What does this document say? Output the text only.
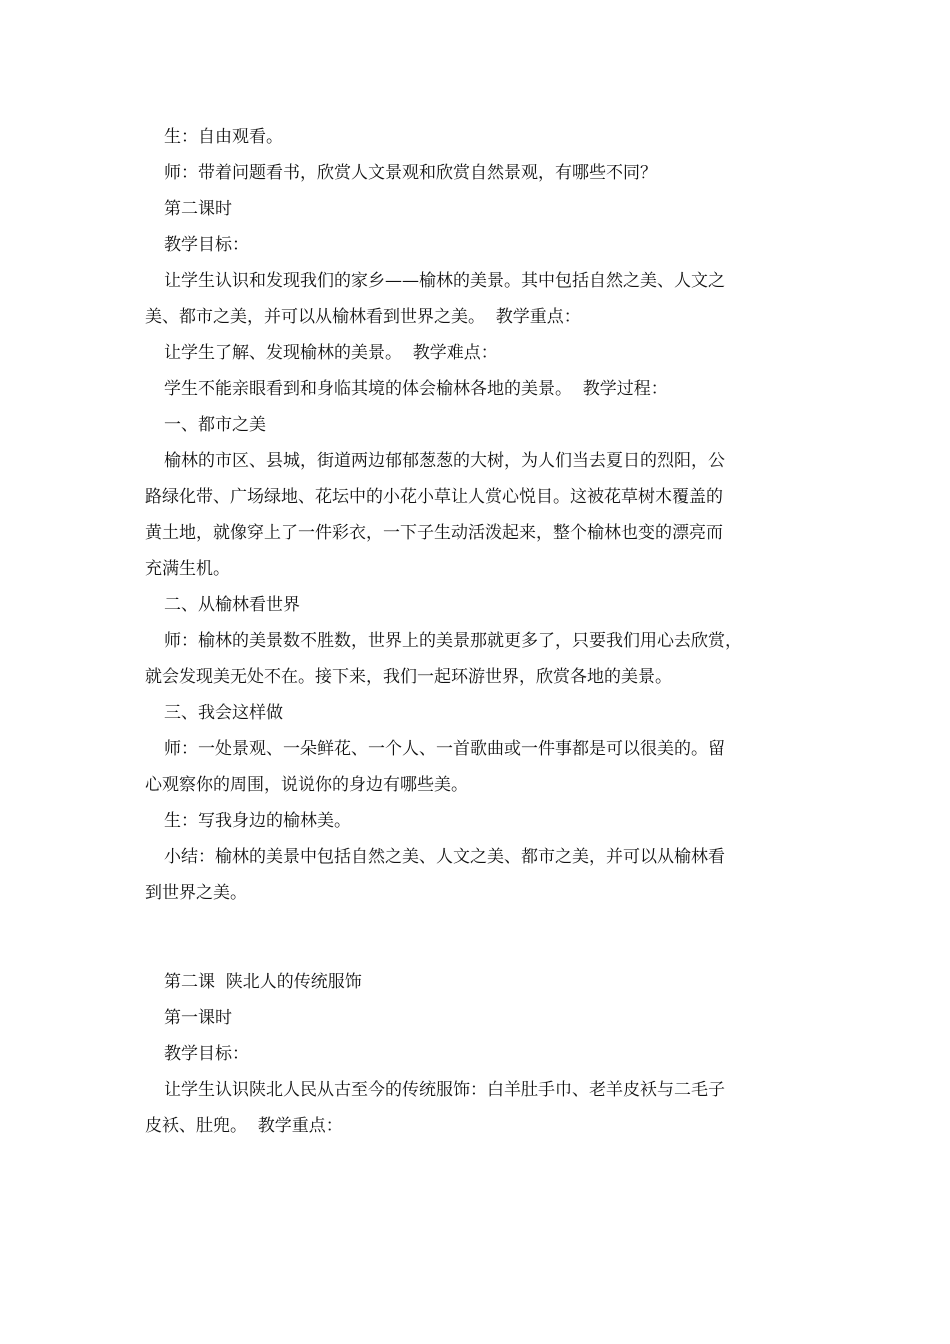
生：自由观看。
师：带着问题看书，欣赏人文景观和欣赏自然景观，有哪些不同？
第二课时
教学目标：
让学生认识和发现我们的家乡——榆林的美景。其中包括自然之美、人文之
美、都市之美，并可以从榆林看到世界之美。  教学重点：
让学生了解、发现榆林的美景。  教学难点：
学生不能亲眼看到和身临其境的体会榆林各地的美景。  教学过程：
一、都市之美
榆林的市区、县城，街道两边郁郁葱葱的大树，为人们当去夏日的烈阳，公
路绿化带、广场绿地、花坛中的小花小草让人赏心悦目。这被花草树木覆盖的
黄土地，就像穿上了一件彩衣，一下子生动活泼起来，整个榆林也变的漂亮而
充满生机。
二、从榆林看世界
师：榆林的美景数不胜数，世界上的美景那就更多了，只要我们用心去欣赏，
就会发现美无处不在。接下来，我们一起环游世界，欣赏各地的美景。
三、我会这样做
师：一处景观、一朵鲜花、一个人、一首歌曲或一件事都是可以很美的。留
心观察你的周围，说说你的身边有哪些美。
生：写我身边的榆林美。
小结：榆林的美景中包括自然之美、人文之美、都市之美，并可以从榆林看
到世界之美。
第二课  陕北人的传统服饰
第一课时
教学目标：
让学生认识陕北人民从古至今的传统服饰：白羊肚手巾、老羊皮袄与二毛子
皮袄、肚兜。  教学重点：
